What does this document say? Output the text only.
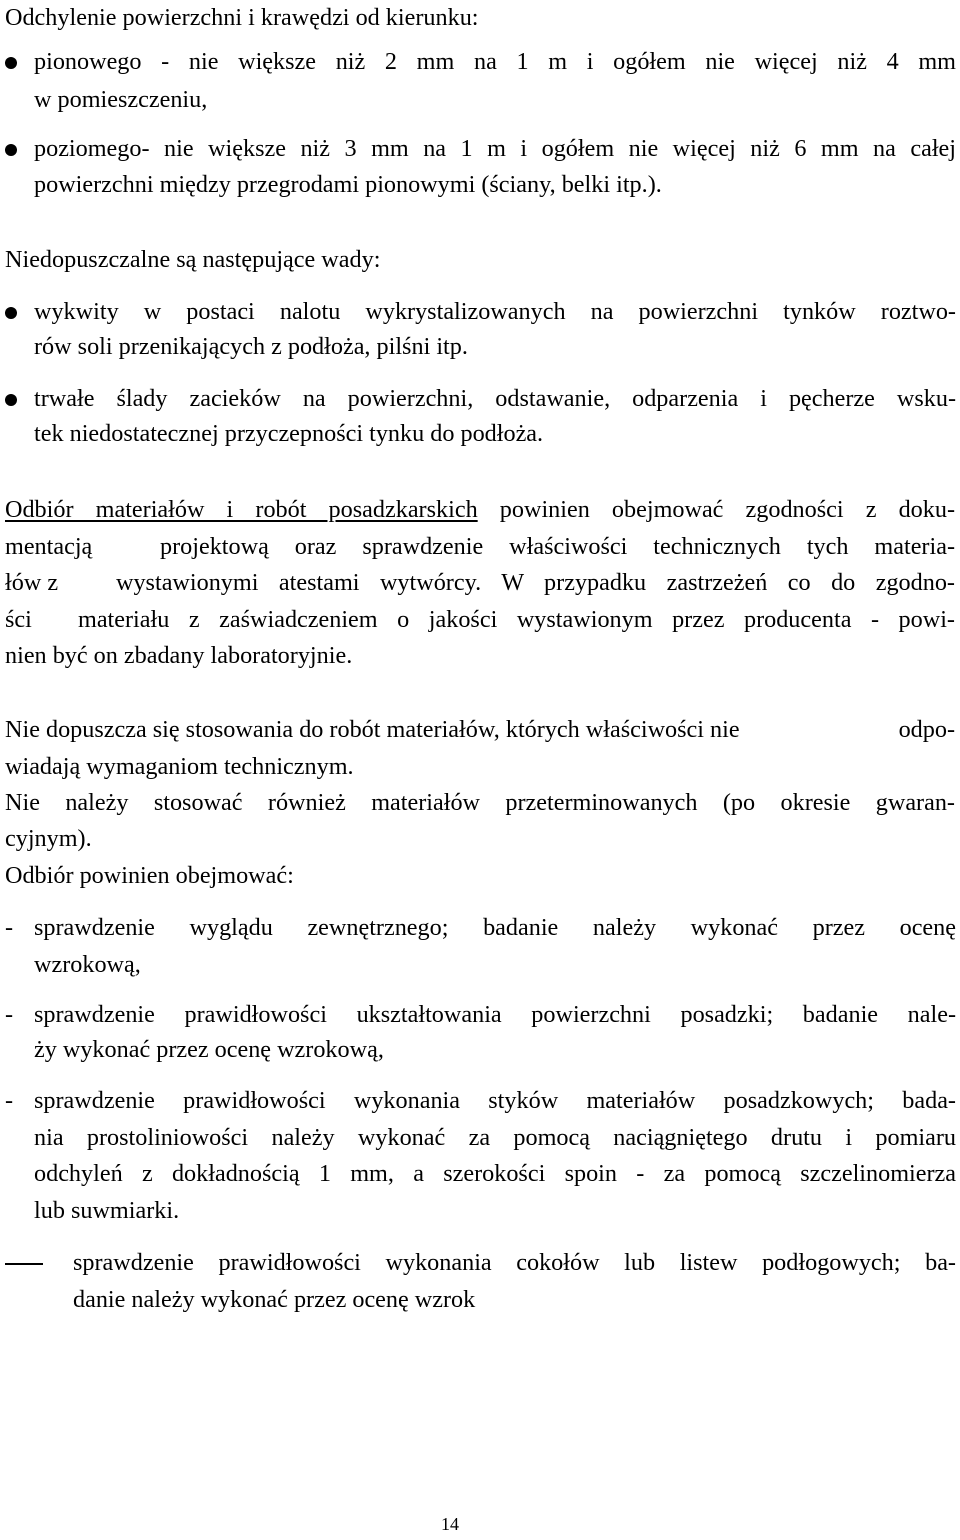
Odchylenie powierzchni i krawędzi od kierunku:
pionowego - nie większe niż 2 mm na 1 m i ogółem nie więcej niż 4 mm
w pomieszczeniu,
poziomego- nie większe niż 3 mm na 1 m i ogółem nie więcej niż 6 mm na całej
powierzchni między przegrodami pionowymi (ściany, belki itp.).
Niedopuszczalne są następujące wady:
wykwity w postaci nalotu wykrystalizowanych na powierzchni tynków roztwo-
rów soli przenikających z podłoża, pilśni itp.
trwałe ślady zacieków na powierzchni, odstawanie, odparzenia i pęcherze wsku-
tek niedostatecznej przyczepności tynku do podłoża.
Odbiór materiałów i robót posadzkarskich powinien obejmować zgodności z doku-
mentacją	projektową oraz sprawdzenie właściwości technicznych tych materia-
łów z wystawionymi atestami wytwórcy. W przypadku zastrzeżeń co do zgodno-
ści materiału z zaświadczeniem o jakości wystawionym przez producenta - powi-
nien być on zbadany laboratoryjnie.
Nie dopuszcza się stosowania do robót materiałów, których właściwości nie	odpo-
wiadają wymaganiom technicznym.
Nie należy stosować również materiałów przeterminowanych (po okresie gwaran-
cyjnym).
Odbiór powinien obejmować:
- sprawdzenie wyglądu zewnętrznego; badanie należy wykonać przez ocenę
wzrokową,
- sprawdzenie prawidłowości ukształtowania powierzchni posadzki; badanie nale-
ży wykonać przez ocenę wzrokową,
- sprawdzenie prawidłowości wykonania styków materiałów posadzkowych; bada-
nia prostoliniowości należy wykonać za pomocą naciągniętego drutu i pomiaru
odchyleń z dokładnością 1 mm, a szerokości spoin - za pomocą szczelinomierza
lub suwmiarki.
sprawdzenie prawidłowości wykonania cokołów lub listew podłogowych; ba-
danie należy wykonać przez ocenę wzrok
14
